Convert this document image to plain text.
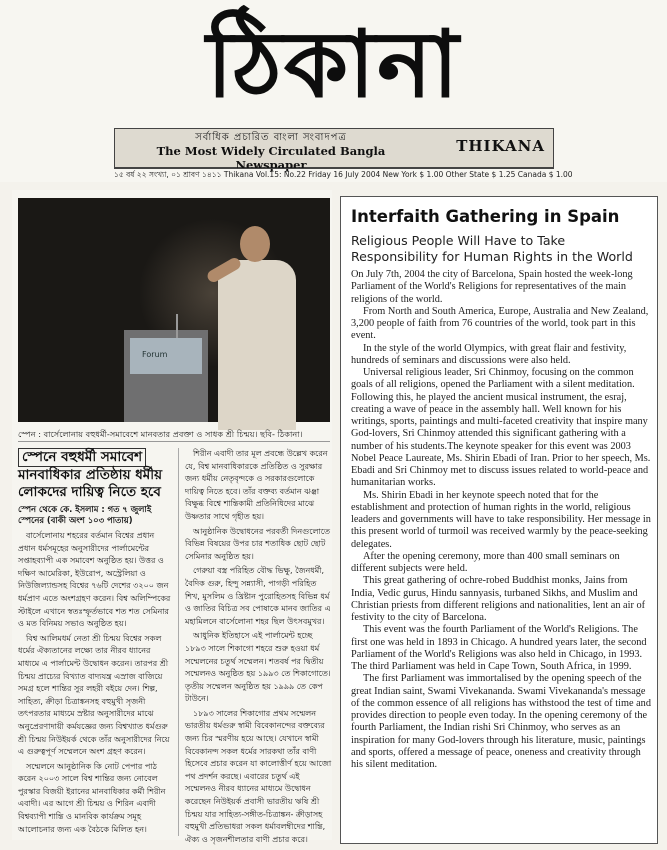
ঠিকানা
সর্বাধিক প্রচারিত বাংলা সংবাদপত্র
The Most Widely Circulated Bangla Newspaper
THIKANA
১৫ বর্ষ ২২ সংখ্যা, ০১ শ্রাবণ ১৪১১ Thikana Vol.15: No.22 Friday 16 July 2004 New York $ 1.00 Other State $ 1.25 Canada $ 1.00
Forum
স্পেন : বার্সেলোনায় বহুধর্মী-সমাবেশে মানবতার প্রবক্তা ও সাধক শ্রী চিন্ময়। ছবি- ঠিকানা।
স্পেনে বহুধর্মী সমাবেশ
মানবাধিকার প্রতিষ্ঠায় ধর্মীয় লোকদের দায়িত্ব নিতে হবে
স্পেন থেকে কে. ইসলাম : গত ৭ জুলাই স্পেনের (বাকী অংশ ১০৩ পাতায়)

বার্সেলোনায় শহরের বর্তমান বিশ্বের প্রধান প্রধান ধর্মসমূহের অনুসারীদের পার্লামেন্টের সপ্তাহব্যাপী এক সমাবেশ অনুষ্ঠিত হয়। উত্তর ও দক্ষিণ আমেরিকা, ইউরোপ, অস্ট্রেলিয়া ও নিউজিল্যান্ডসহ বিশ্বের ৭৬টি দেশের ৩২০০ জন ধর্মপ্রাণ এতে অংশগ্রহণ করেন। বিশ্ব অলিম্পিকের স্টাইলে এখানে স্বতঃস্ফূর্তভাবে শত শত সেমিনার ও মত বিনিময় সভাও অনুষ্ঠিত হয়।

বিশ্ব আলিমধর্ম নেতা শ্রী চিন্ময় বিশ্বের সকল ধর্মের ঐক্যতানের লক্ষ্যে তার নীরব ধ্যানের মাধ্যমে এ পার্লামেন্ট উদ্বোধন করেন। তারপর শ্রী চিন্ময় প্রাচ্যের বিখ্যাত বাদ্যযন্ত্র এস্রাজ বাজিয়ে সমগ্র হলে শান্তির সুর লহরী বইয়ে দেন। শিল্প, সাহিত্য, ক্রীড়া চিত্রাঙ্কনসহ বহুমুখী সৃজনী তৎপরতার মাধ্যমে স্রষ্টার অনুসারীদের মাঝে অনুপ্রেরণাদায়ী কর্মযজ্ঞের জন্য বিশ্বখ্যাত ধর্মগুরু শ্রী চিন্ময় নিউইয়র্ক থেকে তাঁর অনুসারীদের নিয়ে এ গুরুত্বপূর্ণ সম্মেলনে অংশ গ্রহণ করেন।

সম্মেলনে আনুষ্ঠানিক কি নোট পেপার পাঠ করেন ২০০৩ সালে বিশ্ব শান্তির জন্য নোবেল পুরস্কার বিজয়ী ইরানের মানবাধিকার কর্মী শিরীন এবাদী। এর আগে শ্রী চিন্ময় ও শিরিন এবাদী বিশ্বব্যাপী শান্তি ও মানবিক কার্যক্রম সমূহ আলোচনার জন্য এক বৈঠকে মিলিত হন।

শিরীন এবাদী তার মূল প্রবন্ধে উল্লেখ করেন যে, বিশ্ব মানবাধিকারকে প্রতিষ্ঠিত ও সুরক্ষার জন্য ধর্মীয় নেতৃবৃন্দকে ও সরকারগুলোকে দায়িত্ব নিতে হবে। তাঁর বক্তব্য বর্তমান ঝঞ্ঝা বিক্ষুব্ধ বিশ্বে শান্তিকামী প্রতিনিধিদের মাঝে উষ্ণতার সাথে গৃহীত হয়।

আনুষ্ঠানিক উদ্বোধনের পরবর্তী দিনগুলোতে বিভিন্ন বিষয়ের উপর চার শতাধিক ছোট ছোট সেমিনার অনুষ্ঠিত হয়।

গেরুয়া বস্ত্র পরিহিত বৌদ্ধ ভিক্ষু, জৈনধর্মী, বৈদিক গুরু, হিন্দু সন্ন্যাসী, পাগড়ী পরিহিত শিখ, মুসলিম ও খ্রিষ্টান পুরোহিতসহ বিভিন্ন ধর্ম ও জাতির বিচিত্র সব পোষাকে মানব জাতির এ মহামিলনে বার্সেলোনা শহর ছিল উৎসবমুখর।

আধুনিক ইতিহাসে এই পার্লামেন্ট হচ্ছে ১৮৯৩ সালে শিকাগো শহরে শুরু হওয়া ধর্ম সম্মেলনের চতুর্থ সম্মেলন। শতবর্ষ পর দ্বিতীয় সম্মেলনও অনুষ্ঠিত হয় ১৯৯৩ তে শিকাগোতে। তৃতীয় সম্মেলন অনুষ্ঠিত হয় ১৯৯৯ তে কেপ টাউনে।

১৮৯৩ সালের শিকাগোর প্রথম সম্মেলন ভারতীয় ধর্মগুরু স্বামী বিবেকানন্দের বক্তব্যের জন্য চির স্মরণীয় হয়ে আছে। যেখানে স্বামী বিবেকানন্দ সকল ধর্মের সারকথা তাঁর বাণী হিসেবে প্রচার করেন যা কালোত্তীর্ণ হয়ে আজো পথ প্রদর্শন করছে। এবারের চতুর্থ এই সম্মেলনও নীরব ধ্যানের মাধ্যমে উদ্বোধন করেছেন নিউইয়র্ক প্রবাসী ভারতীয় ঋষি শ্রী চিন্ময় যার সাহিত্য-সঙ্গীত-চিত্রাঙ্কন- ক্রীড়াসহ বহুমুখী প্রতিভাধরা সকল ধর্মাবলম্বীদের শান্তি, ঐক্য ও সৃজনশীলতার বাণী প্রচার করে।

Interfaith Gathering in Spain
Religious People Will Have to Take Responsibility for Human Rights in the World

On July 7th, 2004 the city of Barcelona, Spain hosted the week-long Parliament of the World's Religions for representatives of the main religions of the world.

From North and South America, Europe, Australia and New Zealand, 3,200 people of faith from 76 countries of the world, took part in this event.

In the style of the world Olympics, with great flair and festivity, hundreds of seminars and discussions were also held.

Universal religious leader, Sri Chinmoy, focusing on the common goals of all religions, opened the Parliament with a silent meditation. Following this, he played the ancient musical instrument, the esraj, creating a wave of peace in the assembly hall. Well known for his writings, sports, paintings and multi-faceted creativity that inspire many God-lovers, Sri Chinmoy attended this significant gathering with a number of his students.The keynote speaker for this event was 2003 Nobel Peace Laureate, Ms. Shirin Ebadi of Iran. Prior to her speech, Ms. Ebadi and Sri Chinmoy met to discuss issues related to world-peace and humanitarian works.

Ms. Shirin Ebadi in her keynote speech noted that for the establishment and protection of human rights in the world, religious leaders and governments will have to take responsibility. Her message in this present world of turmoil was received warmly by the peace-seeking delegates.

After the opening ceremony, more than 400 small seminars on different subjects were held.

This great gathering of ochre-robed Buddhist monks, Jains from India, Vedic gurus, Hindu sannyasis, turbaned Sikhs, and Muslim and Christian priests from different religions and nationalities, lent an air of festivity to the city of Barcelona.

This event was the fourth Parliament of the World's Religions. The first one was held in 1893 in Chicago. A hundred years later, the second Parliament of the World's Religions was also held in Chicago, in 1993. The third Parliament was held in Cape Town, South Africa, in 1999.

The first Parliament was immortalised by the opening speech of the great Indian saint, Swami Vivekananda. Swami Vivekananda's message of the common essence of all religions has withstood the test of time and provides direction to people even today. In the opening ceremony of the fourth Parliament, the Indian rishi Sri Chinmoy, who serves as an inspiration for many God-lovers through his literature, music, paintings and sports, offered a message of peace, oneness and creativity through his silent meditation.
